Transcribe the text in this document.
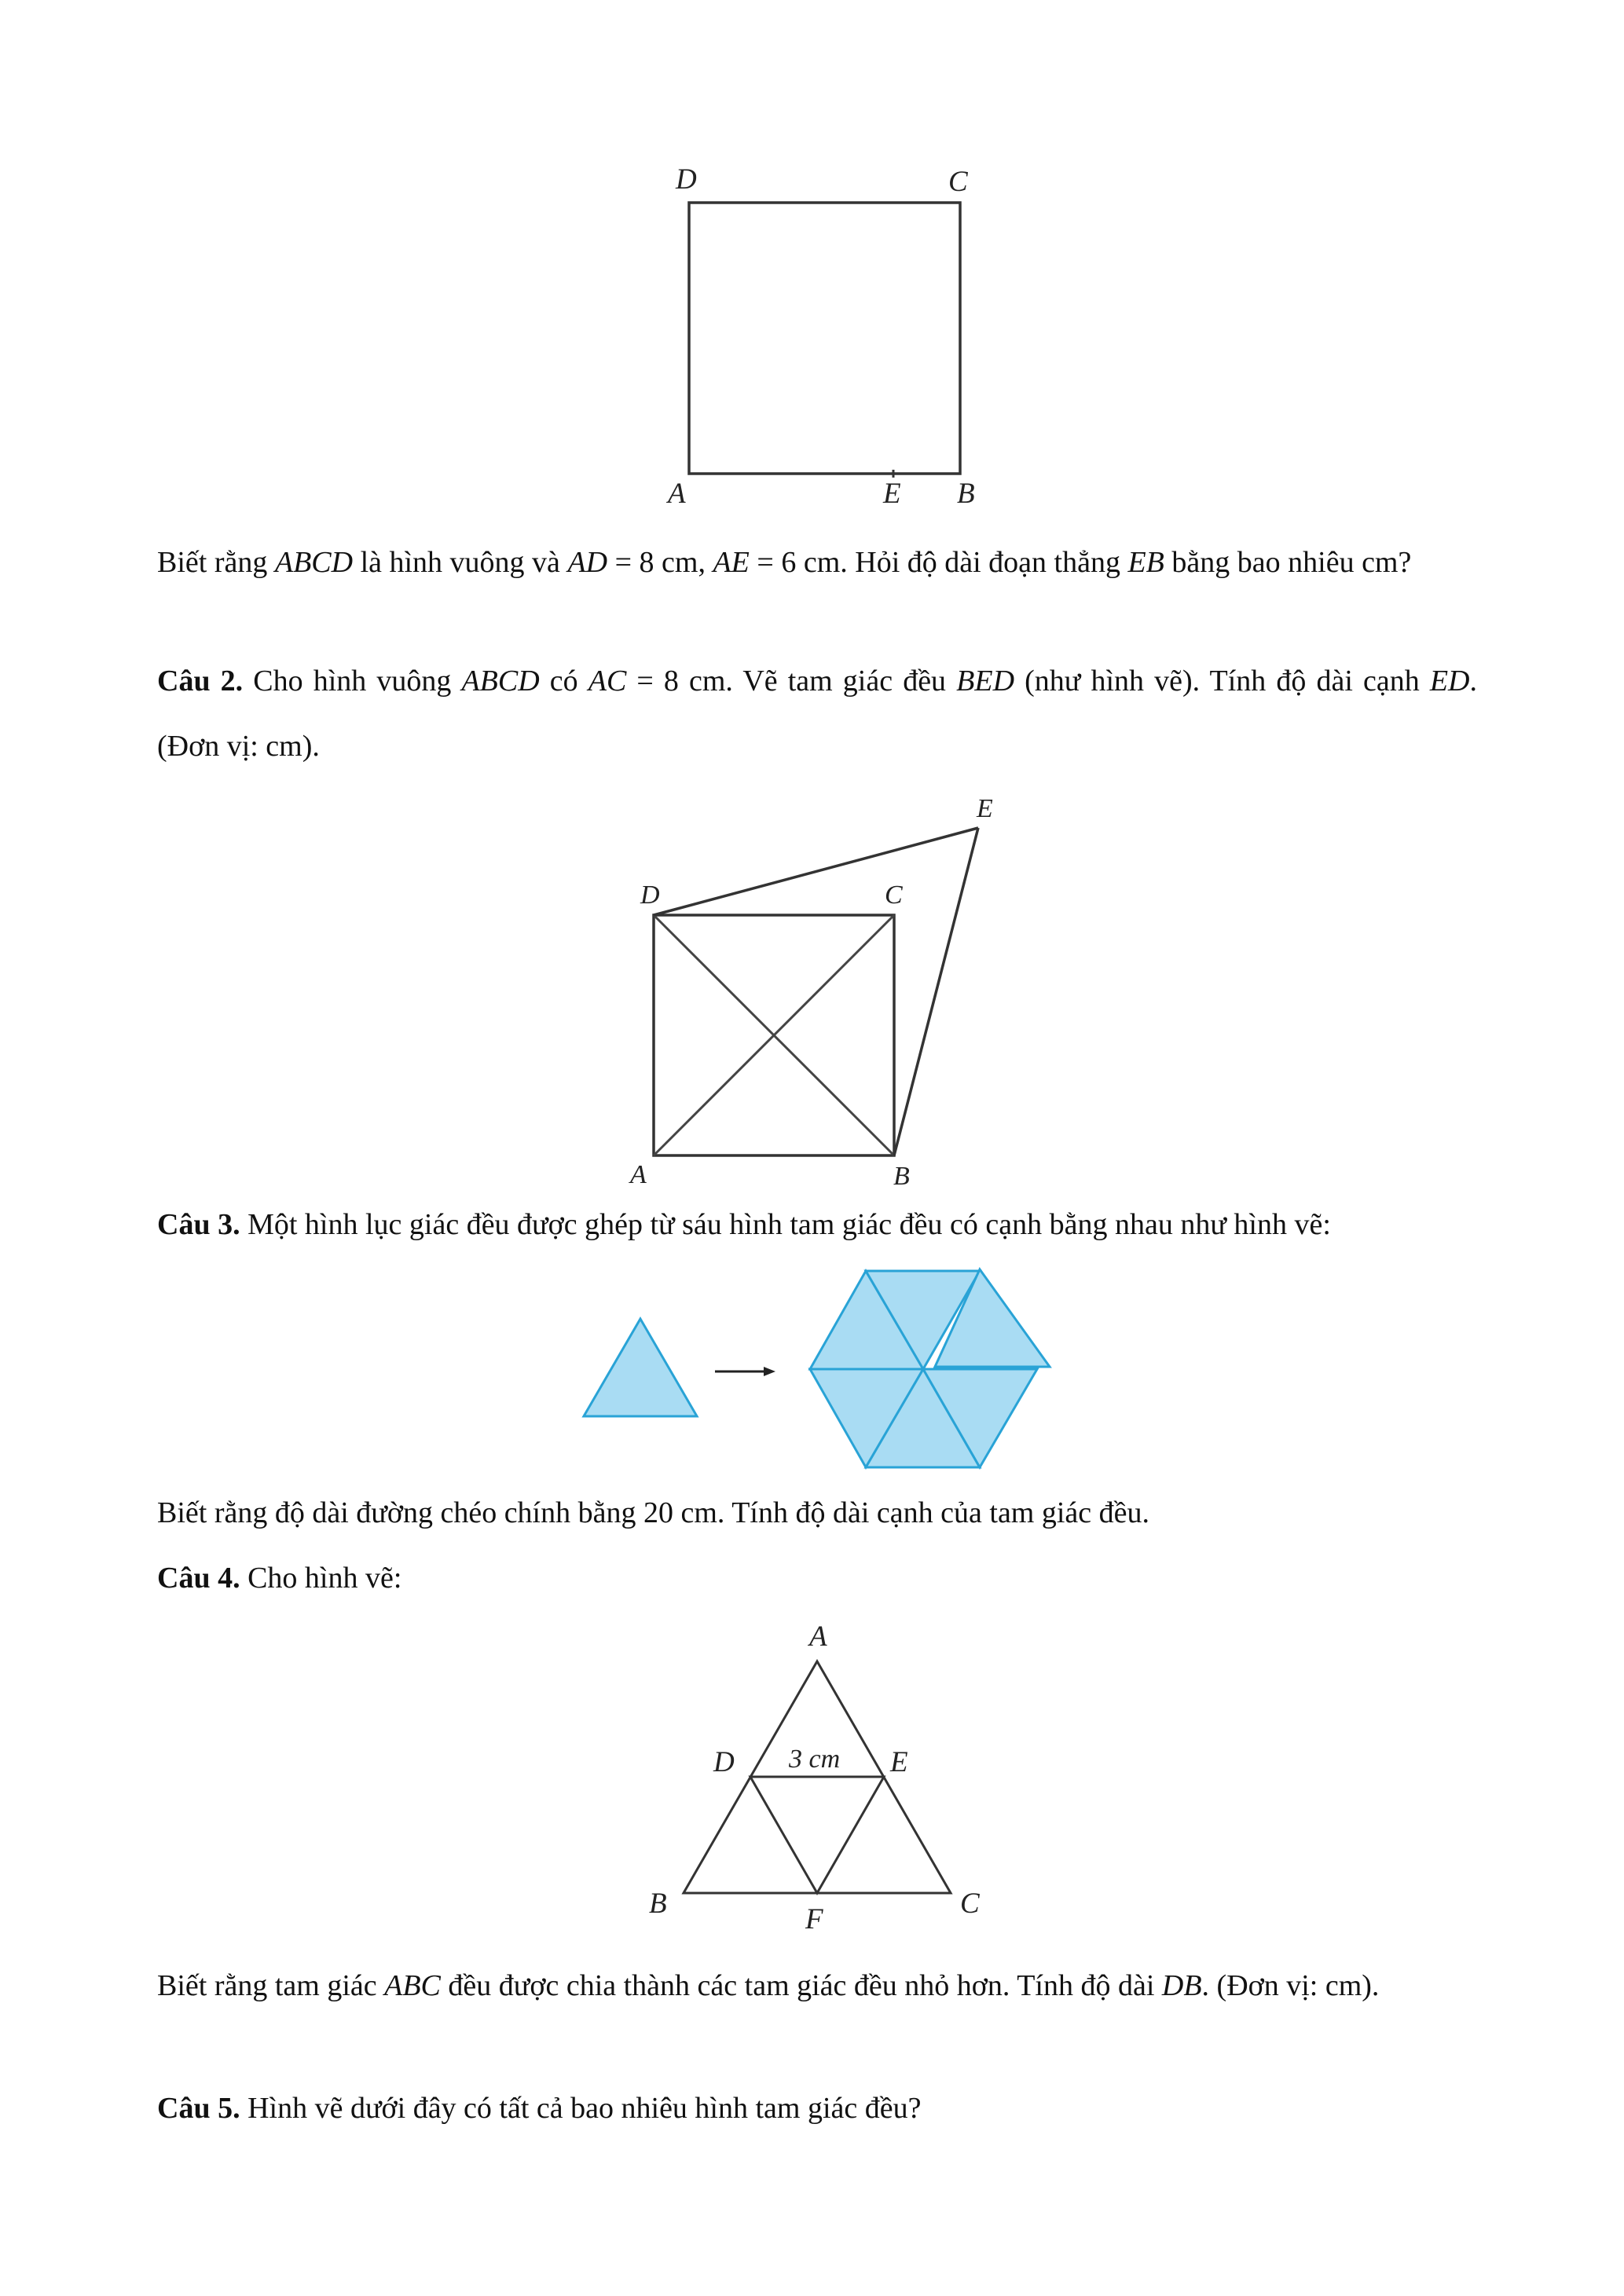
D	C
A	E B

Biết rằng ABCD là hình vuông và AD = 8 cm, AE = 6 cm. Hỏi độ dài đoạn thẳng EB bằng bao nhiêu cm?

Câu 2. Cho hình vuông ABCD có AC = 8 cm. Vẽ tam giác đều BED (như hình vẽ). Tính độ dài cạnh ED. (Đơn vị: cm).

E
D	C
A	B

Câu 3. Một hình lục giác đều được ghép từ sáu hình tam giác đều có cạnh bằng nhau như hình vẽ:

Biết rằng độ dài đường chéo chính bằng 20 cm. Tính độ dài cạnh của tam giác đều.

Câu 4. Cho hình vẽ:

A
D 3 cm E
B	F	C

Biết rằng tam giác ABC đều được chia thành các tam giác đều nhỏ hơn. Tính độ dài DB. (Đơn vị: cm).

Câu 5. Hình vẽ dưới đây có tất cả bao nhiêu hình tam giác đều?
